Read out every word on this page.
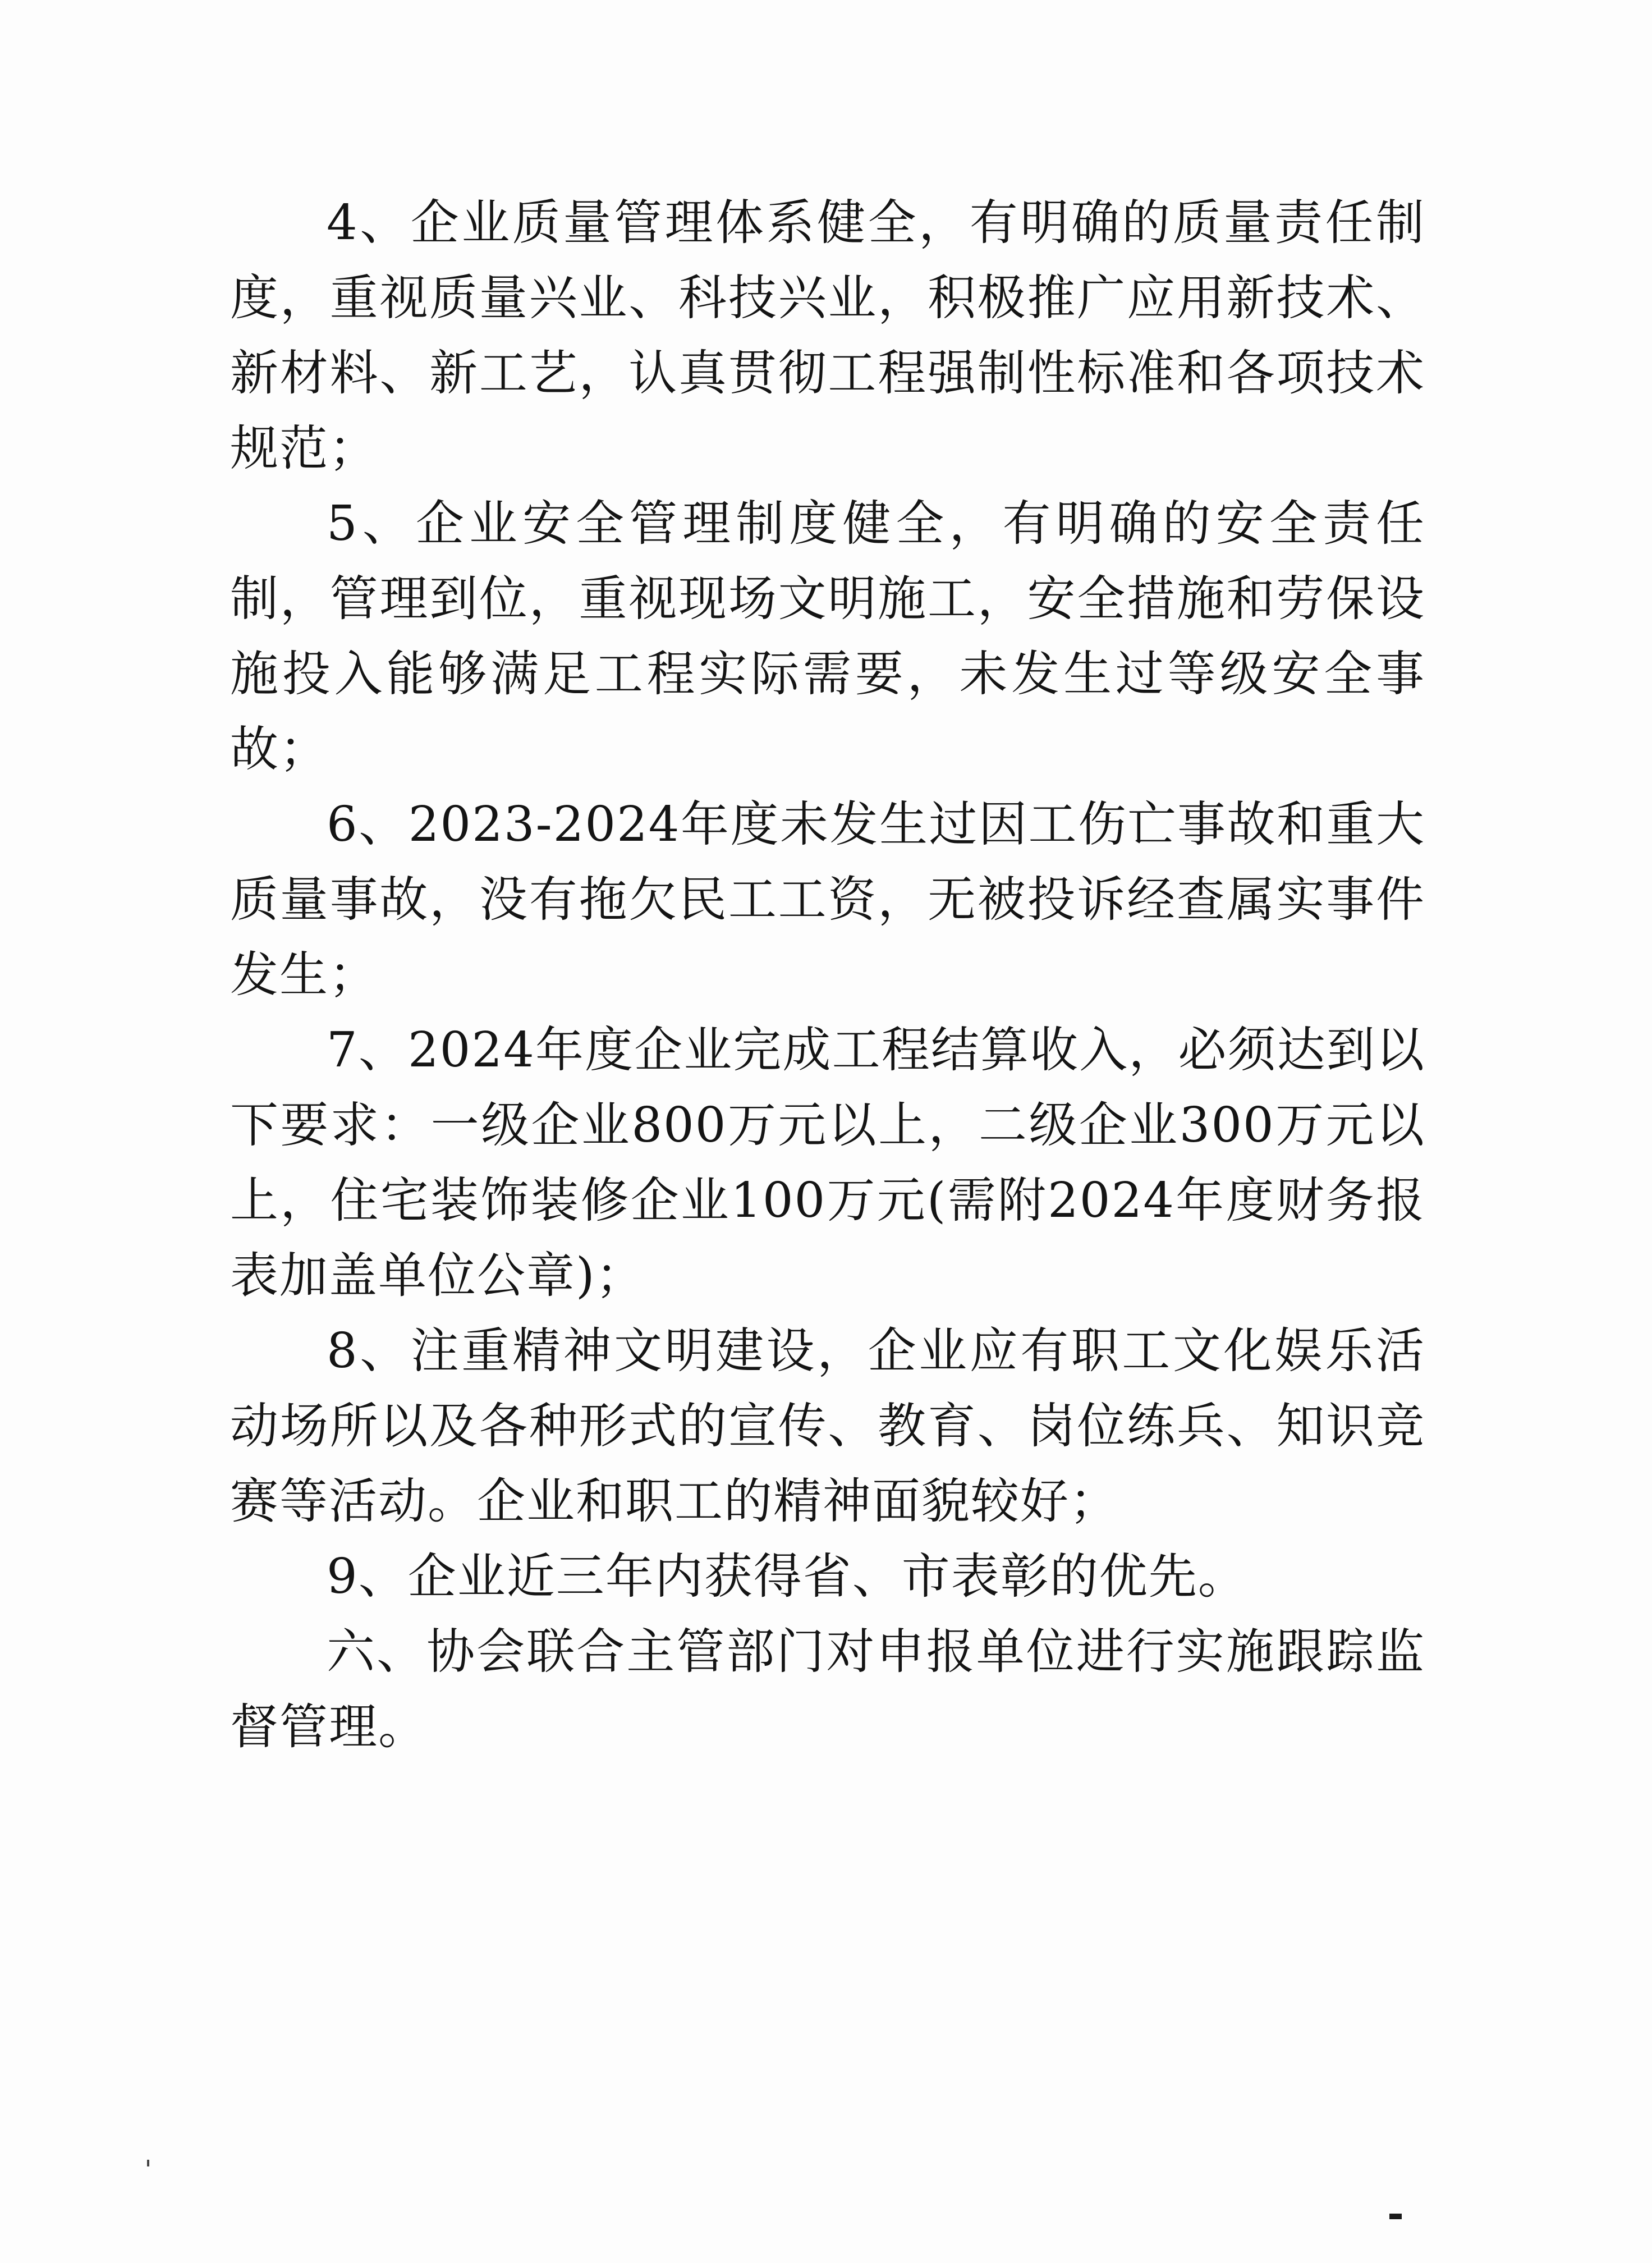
4、企业质量管理体系健全，有明确的质量责任制度，重视质量兴业、科技兴业，积极推广应用新技术、新材料、新工艺，认真贯彻工程强制性标准和各项技术规范；

5、企业安全管理制度健全，有明确的安全责任制，管理到位，重视现场文明施工，安全措施和劳保设施投入能够满足工程实际需要，未发生过等级安全事故；

6、2023-2024年度未发生过因工伤亡事故和重大质量事故，没有拖欠民工工资，无被投诉经查属实事件发生；

7、2024年度企业完成工程结算收入，必须达到以下要求：一级企业800万元以上，二级企业300万元以上，住宅装饰装修企业100万元(需附2024年度财务报表加盖单位公章)；

8、注重精神文明建设，企业应有职工文化娱乐活动场所以及各种形式的宣传、教育、岗位练兵、知识竞赛等活动。企业和职工的精神面貌较好；

9、企业近三年内获得省、市表彰的优先。

六、协会联合主管部门对申报单位进行实施跟踪监督管理。
